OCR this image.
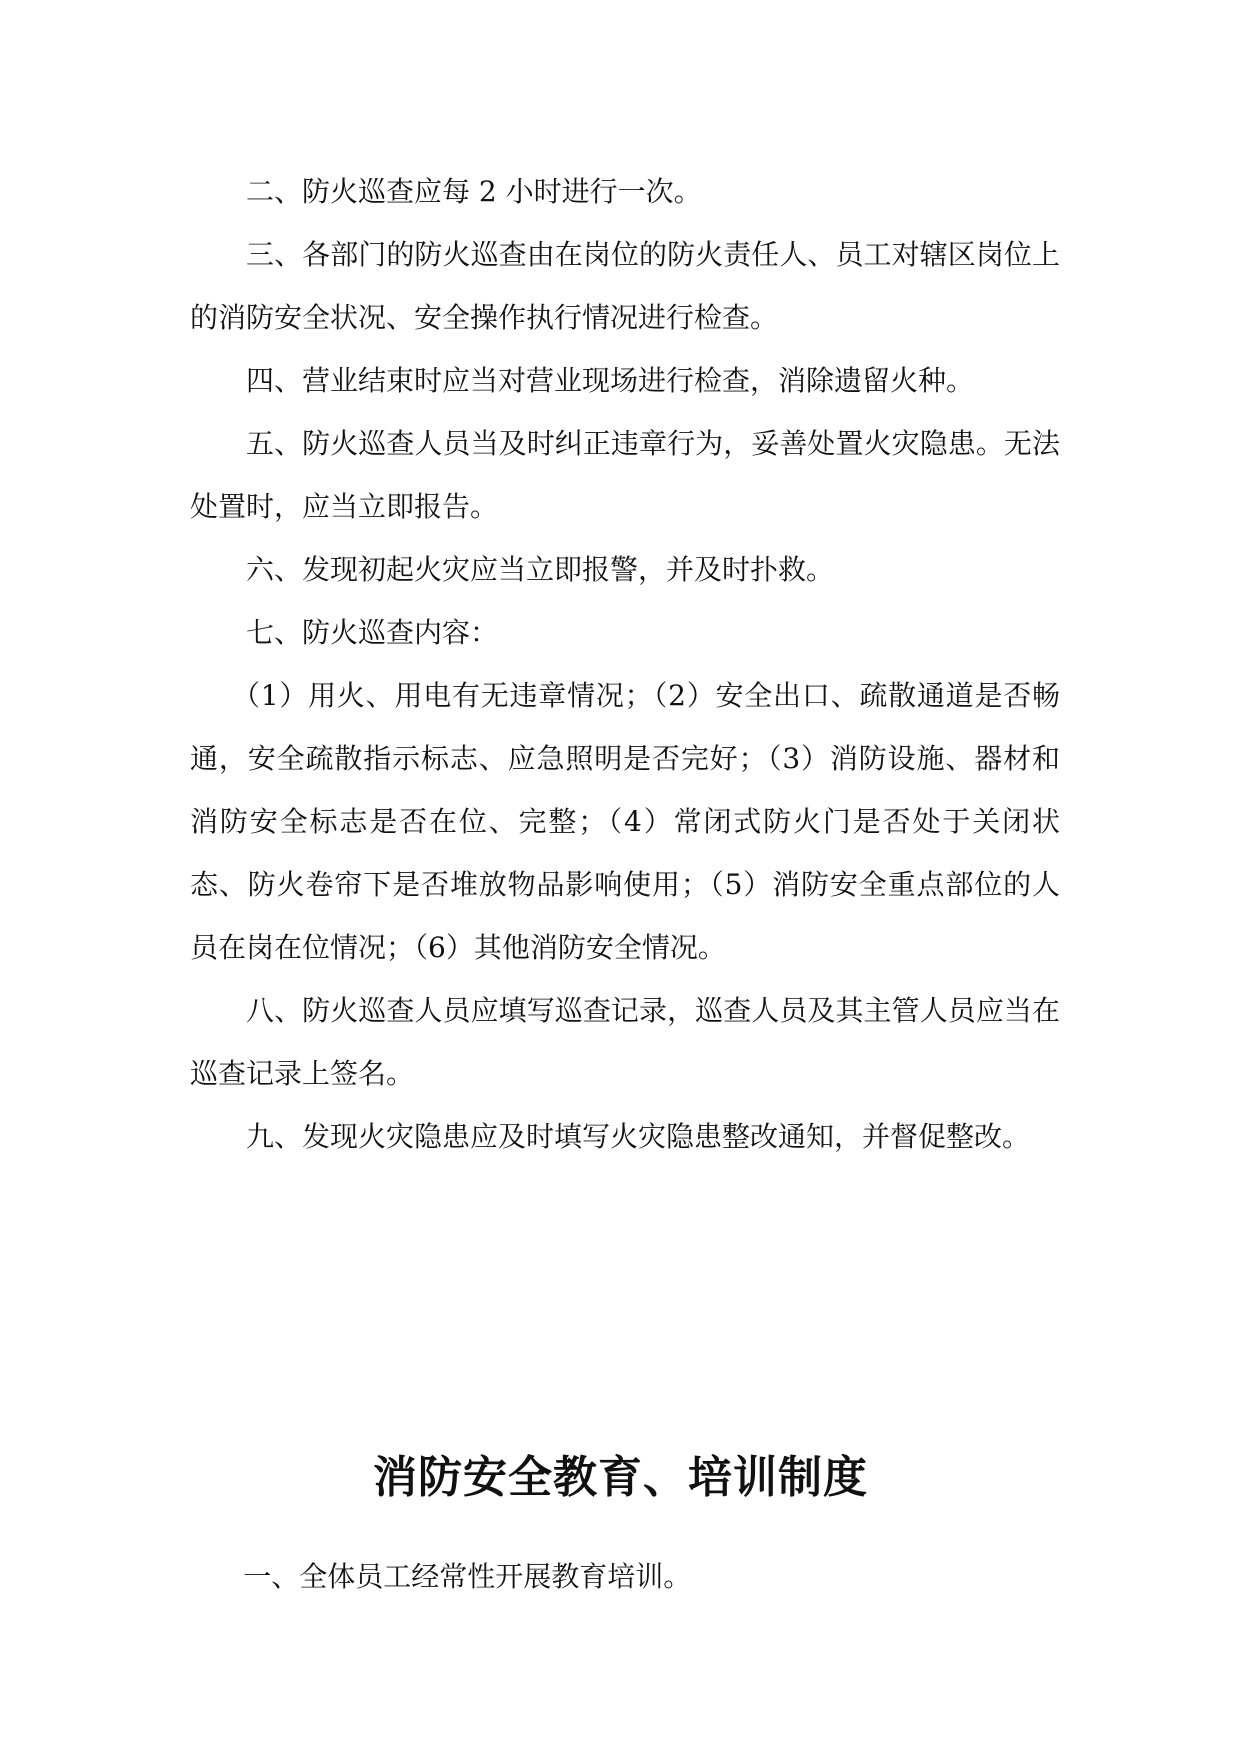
二、防火巡查应每 2 小时进行一次。

三、各部门的防火巡查由在岗位的防火责任人、员工对辖区岗位上的消防安全状况、安全操作执行情况进行检查。

四、营业结束时应当对营业现场进行检查，消除遗留火种。

五、防火巡查人员当及时纠正违章行为，妥善处置火灾隐患。无法处置时，应当立即报告。

六、发现初起火灾应当立即报警，并及时扑救。

七、防火巡查内容：

（1）用火、用电有无违章情况；（2）安全出口、疏散通道是否畅通，安全疏散指示标志、应急照明是否完好；（3）消防设施、器材和消防安全标志是否在位、完整；（4）常闭式防火门是否处于关闭状态、防火卷帘下是否堆放物品影响使用；（5）消防安全重点部位的人员在岗在位情况；（6）其他消防安全情况。

八、防火巡查人员应填写巡查记录，巡查人员及其主管人员应当在巡查记录上签名。

九、发现火灾隐患应及时填写火灾隐患整改通知，并督促整改。

消防安全教育、培训制度

一、全体员工经常性开展教育培训。
